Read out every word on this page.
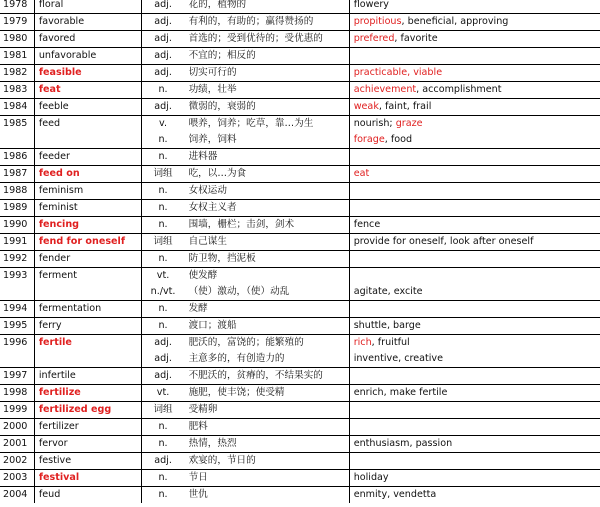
1978	floral	adj.	花的，植物的	flowery
1979	favorable	adj.	有利的，有助的；赢得赞扬的	propitious, beneficial, approving
1980	favored	adj.	首选的；受到优待的；受优惠的	prefered, favorite
1981	unfavorable	adj.	不宜的；相反的	
1982	feasible	adj.	切实可行的	practicable, viable
1983	feat	n.	功绩，壮举	achievement, accomplishment
1984	feeble	adj.	微弱的，衰弱的	weak, faint, frail
1985	feed	v.	喂养，饲养；吃草，靠…为生	nourish; graze
		n.	饲养，饲料	forage, food
1986	feeder	n.	进料器	
1987	feed on	词组	吃，以…为食	eat
1988	feminism	n.	女权运动	
1989	feminist	n.	女权主义者	
1990	fencing	n.	围墙，栅栏；击剑，剑术	fence
1991	fend for oneself	词组	自己谋生	provide for oneself, look after oneself
1992	fender	n.	防卫物，挡泥板	
1993	ferment	vt.	使发酵	
		n./vt.	（使）激动，（使）动乱	agitate, excite
1994	fermentation	n.	发酵	
1995	ferry	n.	渡口；渡船	shuttle, barge
1996	fertile	adj.	肥沃的，富饶的；能繁殖的	rich, fruitful
		adj.	主意多的，有创造力的	inventive, creative
1997	infertile	adj.	不肥沃的，贫瘠的，不结果实的	
1998	fertilize	vt.	施肥，使丰饶；使受精	enrich, make fertile
1999	fertilized egg	词组	受精卵	
2000	fertilizer	n.	肥料	
2001	fervor	n.	热情，热烈	enthusiasm, passion
2002	festive	adj.	欢宴的，节日的	
2003	festival	n.	节日	holiday
2004	feud	n.	世仇	enmity, vendetta
